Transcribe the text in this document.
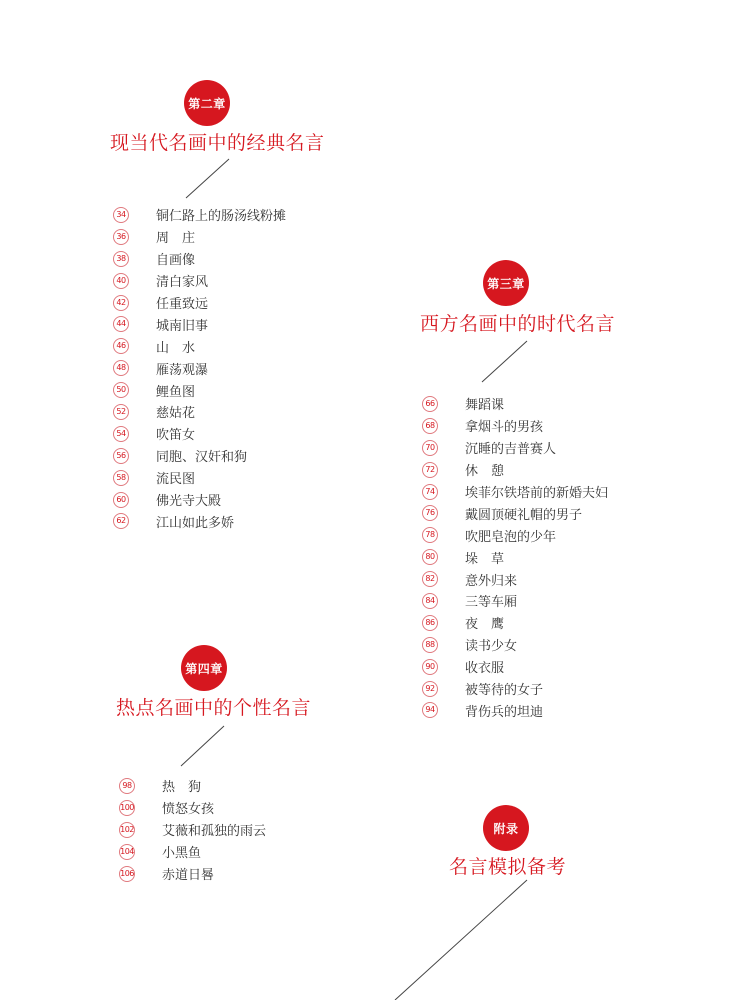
第二章
现当代名画中的经典名言
34 铜仁路上的肠汤线粉摊
36 周　庄
38 自画像
40 清白家风
42 任重致远
44 城南旧事
46 山　水
48 雁荡观瀑
50 鲤鱼图
52 慈姑花
54 吹笛女
56 同胞、汉奸和狗
58 流民图
60 佛光寺大殿
62 江山如此多娇
第三章
西方名画中的时代名言
66 舞蹈课
68 拿烟斗的男孩
70 沉睡的吉普赛人
72 休　憩
74 埃菲尔铁塔前的新婚夫妇
76 戴圆顶硬礼帽的男子
78 吹肥皂泡的少年
80 垛　草
82 意外归来
84 三等车厢
86 夜　鹰
88 读书少女
90 收衣服
92 被等待的女子
94 背伤兵的坦迪
第四章
热点名画中的个性名言
98 热　狗
100 愤怒女孩
102 艾薇和孤独的雨云
104 小黑鱼
106 赤道日晷
附录
名言模拟备考
